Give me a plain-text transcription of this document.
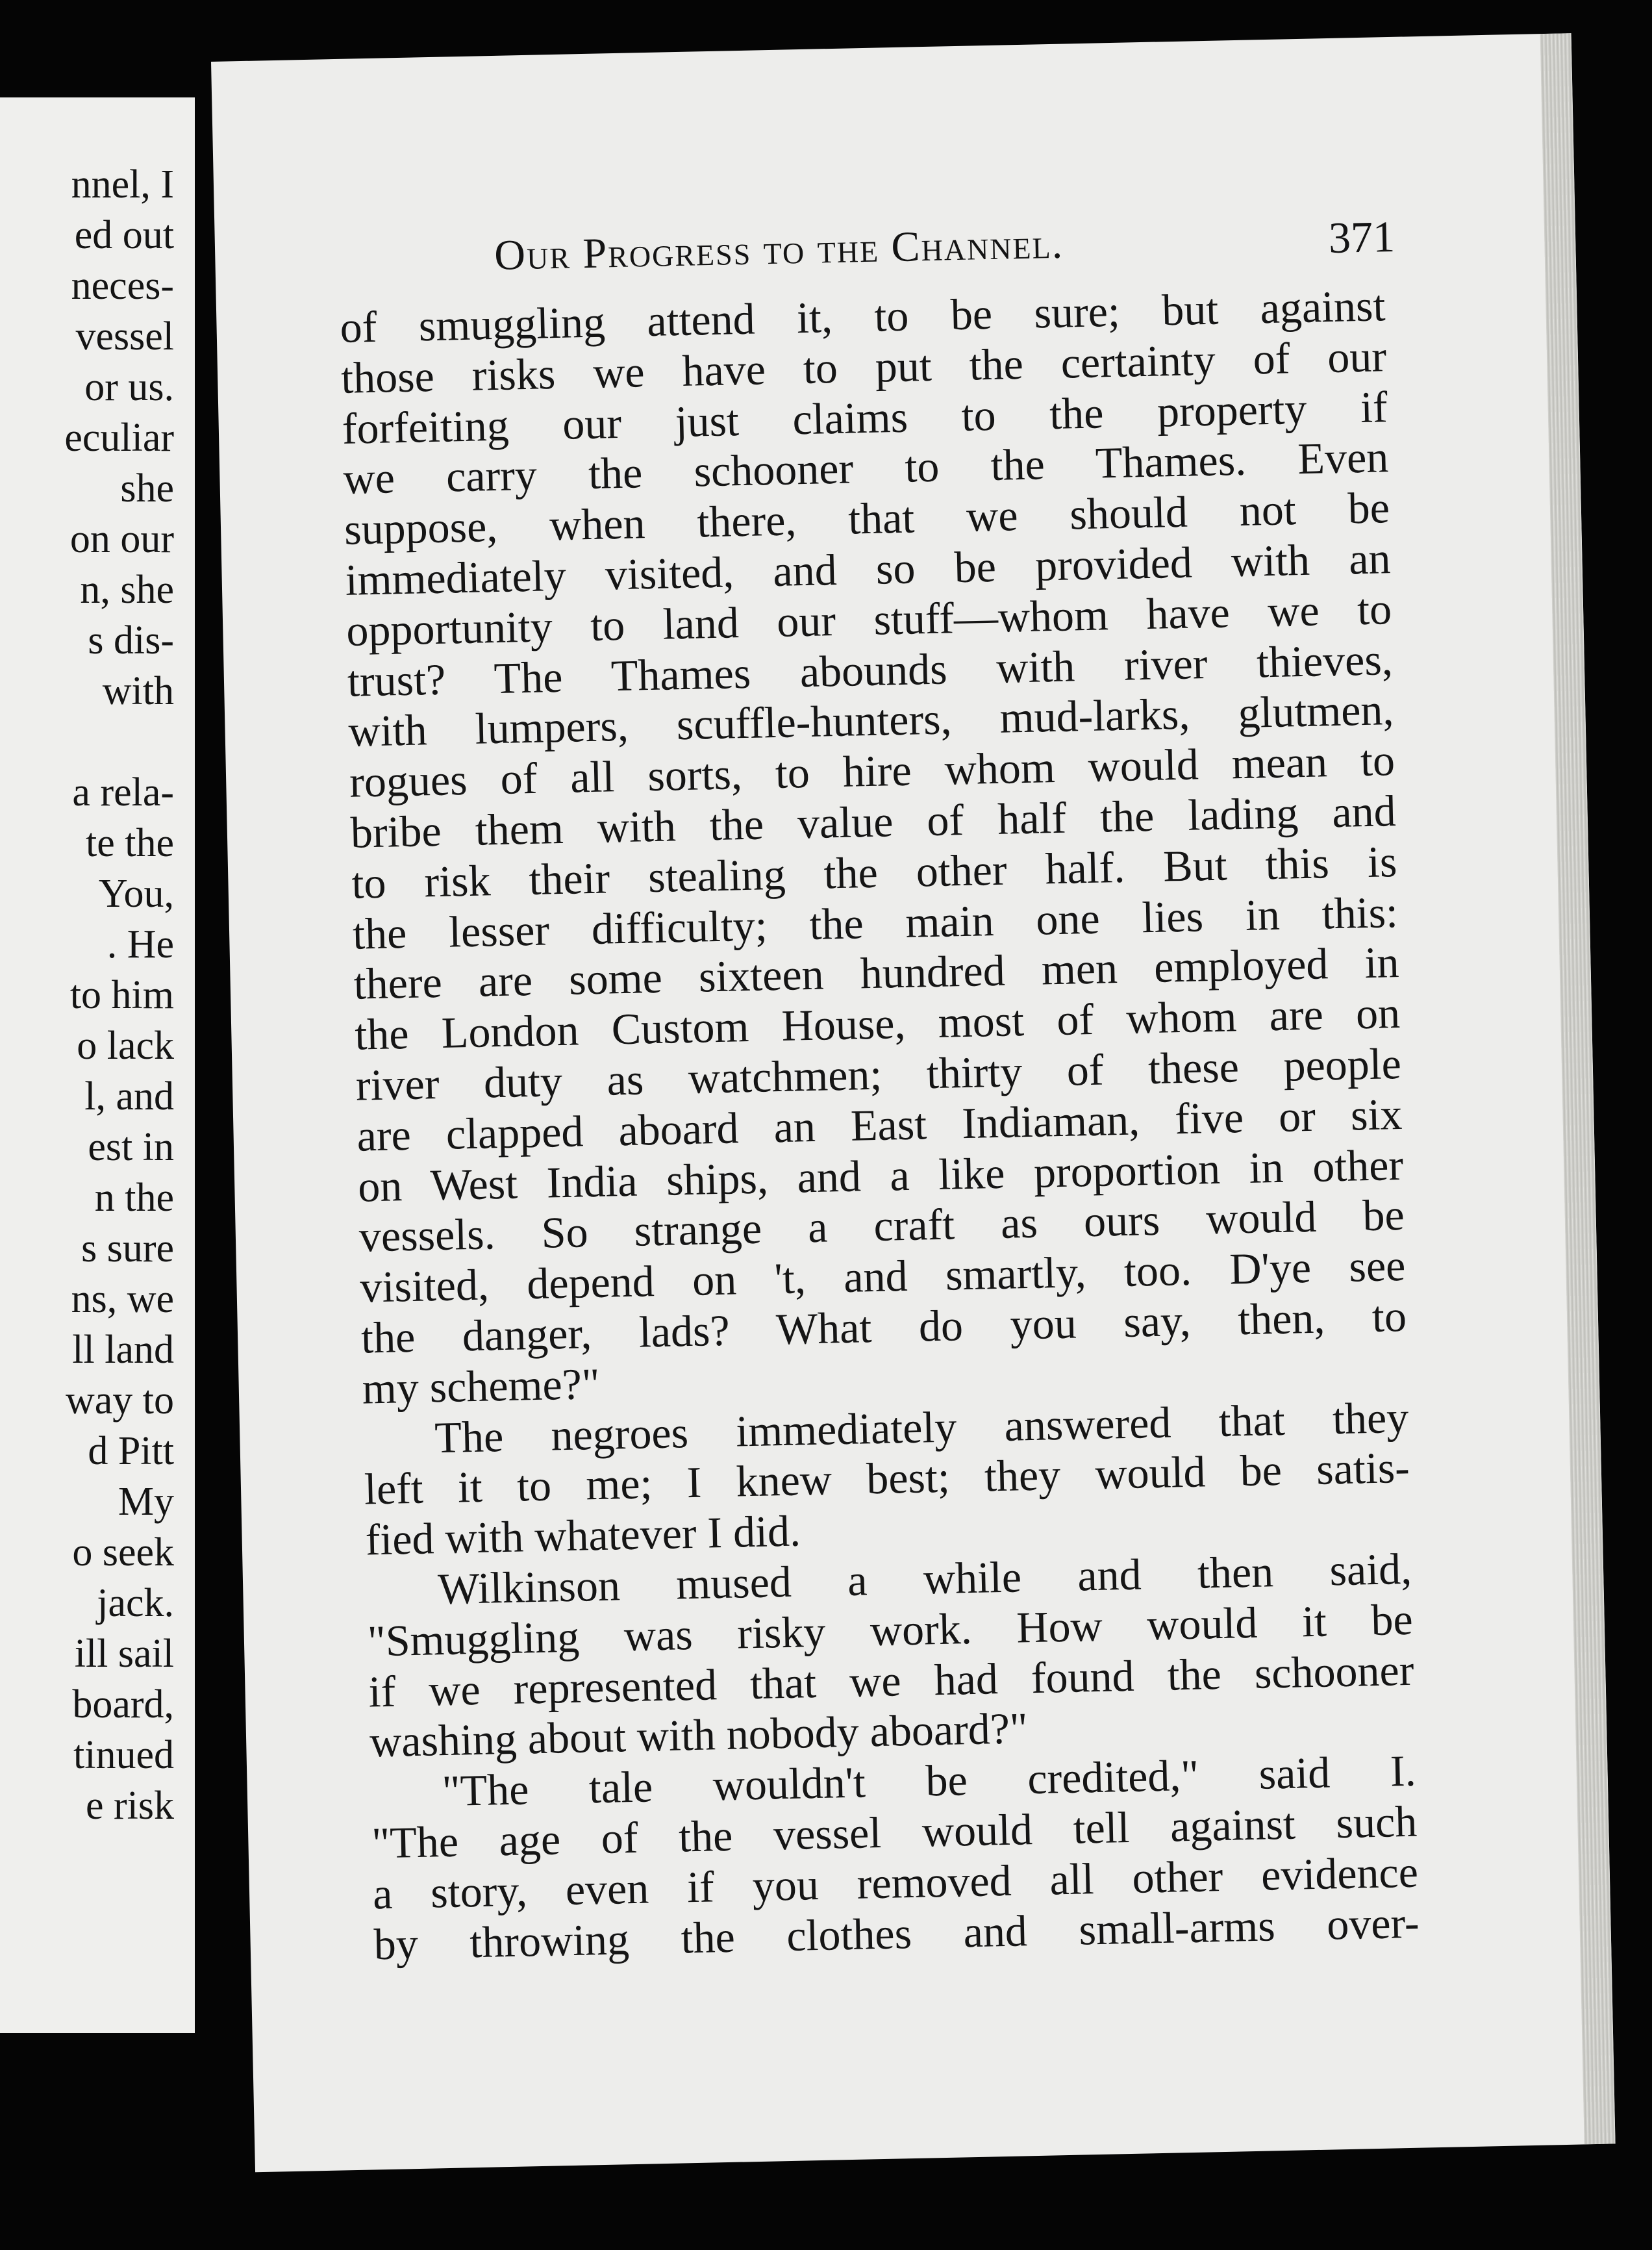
nnel, I
ed out
neces-
vessel
or us.
eculiar
she
on our
n, she
s dis-
with
a rela-
te the
You,
. He
to him
o lack
l, and
est in
n the
s sure
ns, we
ll land
way to
d Pitt
My
o seek
jack.
ill sail
board,
tinued
e risk
Our Progress to the Channel.	371
of smuggling attend it, to be sure; but against
those risks we have to put the certainty of our
forfeiting our just claims to the property if
we carry the schooner to the Thames. Even
suppose, when there, that we should not be
immediately visited, and so be provided with an
opportunity to land our stuff—whom have we to
trust? The Thames abounds with river thieves,
with lumpers, scuffle-hunters, mud-larks, glutmen,
rogues of all sorts, to hire whom would mean to
bribe them with the value of half the lading and
to risk their stealing the other half. But this is
the lesser difficulty; the main one lies in this:
there are some sixteen hundred men employed in
the London Custom House, most of whom are on
river duty as watchmen; thirty of these people
are clapped aboard an East Indiaman, five or six
on West India ships, and a like proportion in other
vessels. So strange a craft as ours would be
visited, depend on 't, and smartly, too. D'ye see
the danger, lads? What do you say, then, to
my scheme?"
The negroes immediately answered that they
left it to me; I knew best; they would be satis-
fied with whatever I did.
Wilkinson mused a while and then said,
"Smuggling was risky work. How would it be
if we represented that we had found the schooner
washing about with nobody aboard?"
"The tale wouldn't be credited," said I.
"The age of the vessel would tell against such
a story, even if you removed all other evidence
by throwing the clothes and small-arms over-
